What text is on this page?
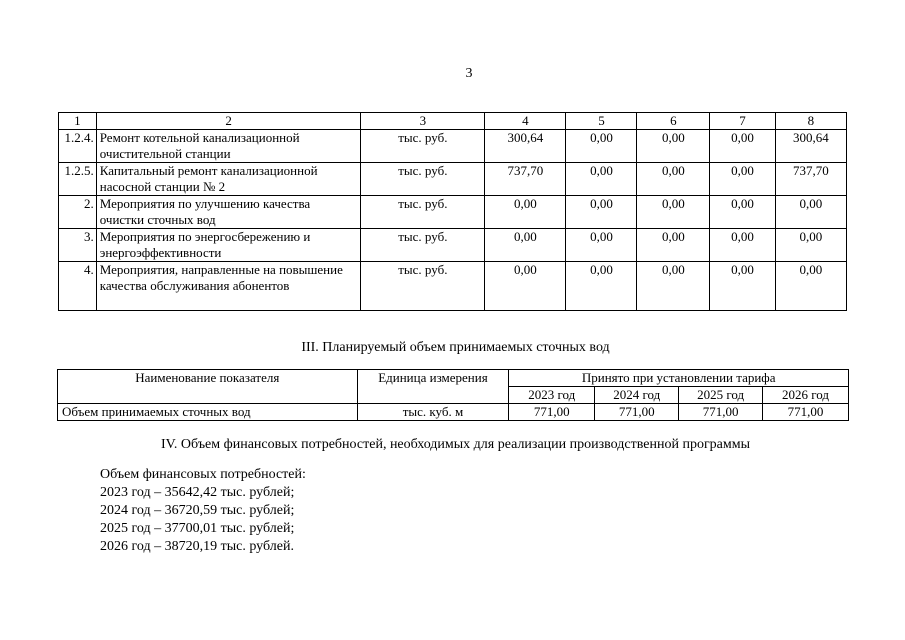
3
1	2	3	4	5	6	7	8
1.2.4.	Ремонт котельной канализационной очистительной станции	тыс. руб.	300,64	0,00	0,00	0,00	300,64
1.2.5.	Капитальный ремонт канализационной насосной станции № 2	тыс. руб.	737,70	0,00	0,00	0,00	737,70
2.	Мероприятия по улучшению качества очистки сточных вод	тыс. руб.	0,00	0,00	0,00	0,00	0,00
3.	Мероприятия по энергосбережению и энергоэффективности	тыс. руб.	0,00	0,00	0,00	0,00	0,00
4.	Мероприятия, направленные на повышение качества обслуживания абонентов	тыс. руб.	0,00	0,00	0,00	0,00	0,00
III. Планируемый объем принимаемых сточных вод
Наименование показателя	Единица измерения	Принято при установлении тарифа			
		2023 год	2024 год	2025 год	2026 год
Объем принимаемых сточных вод	тыс. куб. м	771,00	771,00	771,00	771,00
IV. Объем финансовых потребностей, необходимых для реализации производственной программы
Объем финансовых потребностей:
2023 год – 35642,42 тыс. рублей;
2024 год – 36720,59 тыс. рублей;
2025 год – 37700,01 тыс. рублей;
2026 год – 38720,19 тыс. рублей.
